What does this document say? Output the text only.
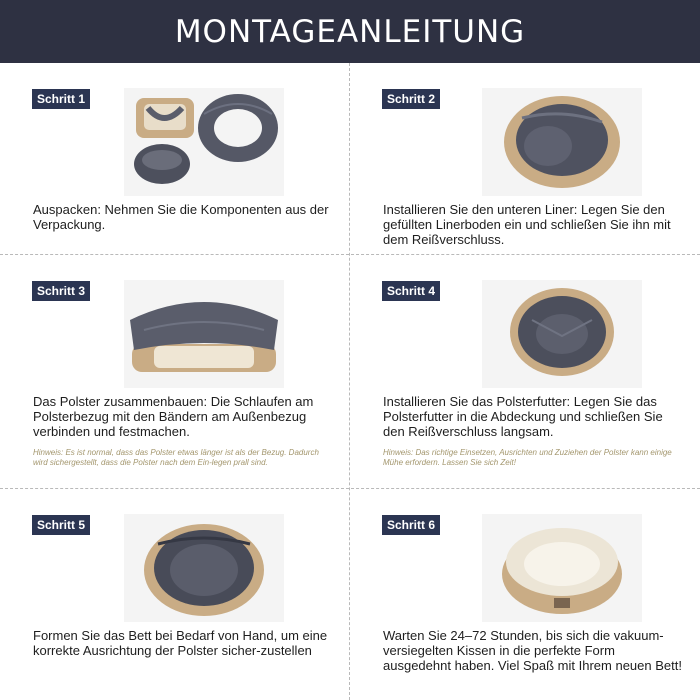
MONTAGEANLEITUNG
Schritt 1
Auspacken: Nehmen Sie die Komponenten aus der Verpackung.
Schritt 2
Installieren Sie den unteren Liner: Legen Sie den gefüllten Linerboden ein und schließen Sie ihn mit dem Reißverschluss.
Schritt 3
Das Polster zusammenbauen: Die Schlaufen am Polsterbezug mit den Bändern am Außenbezug verbinden und festmachen.
Hinweis: Es ist normal, dass das Polster etwas länger ist als der Bezug. Dadurch wird sichergestellt, dass die Polster nach dem Ein-legen prall sind.
Schritt 4
Installieren Sie das Polsterfutter: Legen Sie das Polsterfutter in die Abdeckung und schließen Sie den Reißverschluss langsam.
Hinweis: Das richtige Einsetzen, Ausrichten und Zuziehen der Polster kann einige Mühe erfordern. Lassen Sie sich Zeit!
Schritt 5
Formen Sie das Bett bei Bedarf von Hand, um eine korrekte Ausrichtung der Polster sicher-zustellen
Schritt 6
Warten Sie 24–72 Stunden, bis sich die vakuum-versiegelten Kissen in die perfekte Form ausgedehnt haben. Viel Spaß mit Ihrem neuen Bett!
